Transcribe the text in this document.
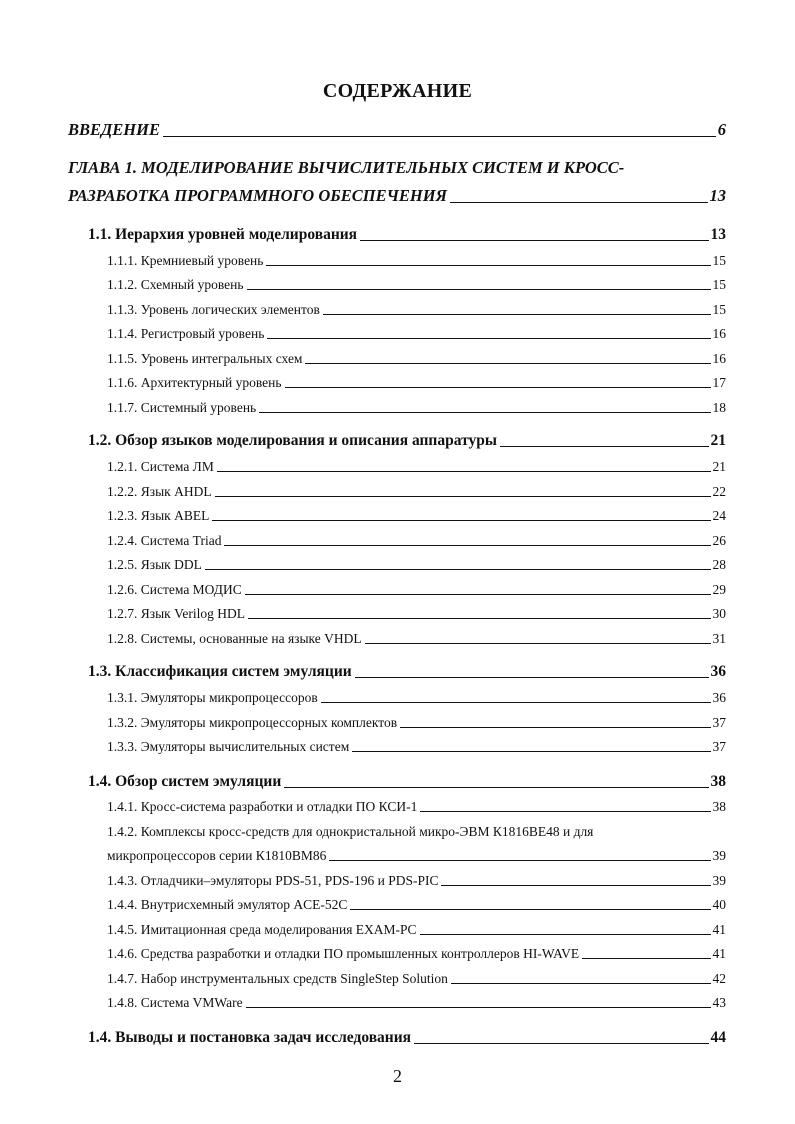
СОДЕРЖАНИЕ
ВВЕДЕНИЕ	6
ГЛАВА 1. МОДЕЛИРОВАНИЕ ВЫЧИСЛИТЕЛЬНЫХ СИСТЕМ И КРОСС-
РАЗРАБОТКА ПРОГРАММНОГО ОБЕСПЕЧЕНИЯ	13
1.1. Иерархия уровней моделирования	13
1.1.1. Кремниевый уровень	15
1.1.2. Схемный уровень	15
1.1.3. Уровень логических элементов	15
1.1.4. Регистровый уровень	16
1.1.5. Уровень интегральных схем	16
1.1.6. Архитектурный уровень	17
1.1.7. Системный уровень	18
1.2. Обзор языков моделирования и описания аппаратуры	21
1.2.1. Система ЛМ	21
1.2.2. Язык AHDL	22
1.2.3. Язык ABEL	24
1.2.4. Система Triad	26
1.2.5. Язык DDL	28
1.2.6. Система МОДИС	29
1.2.7. Язык Verilog HDL	30
1.2.8. Системы, основанные на языке VHDL	31
1.3. Классификация систем эмуляции	36
1.3.1. Эмуляторы микропроцессоров	36
1.3.2. Эмуляторы микропроцессорных комплектов	37
1.3.3. Эмуляторы вычислительных систем	37
1.4. Обзор систем эмуляции	38
1.4.1. Кросс-система разработки и отладки ПО КСИ-1	38
1.4.2. Комплексы кросс-средств для однокристальной микро-ЭВМ К1816ВЕ48 и для
микропроцессоров серии К1810ВМ86	39
1.4.3. Отладчики–эмуляторы PDS-51, PDS-196 и PDS-PIC	39
1.4.4. Внутрисхемный эмулятор ACE-52C	40
1.4.5. Имитационная среда моделирования EXAM-PC	41
1.4.6. Средства разработки и отладки ПО промышленных контроллеров HI-WAVE	41
1.4.7. Набор инструментальных средств SingleStep Solution	42
1.4.8. Система VMWare	43
1.4. Выводы и постановка задач исследования	44
2
